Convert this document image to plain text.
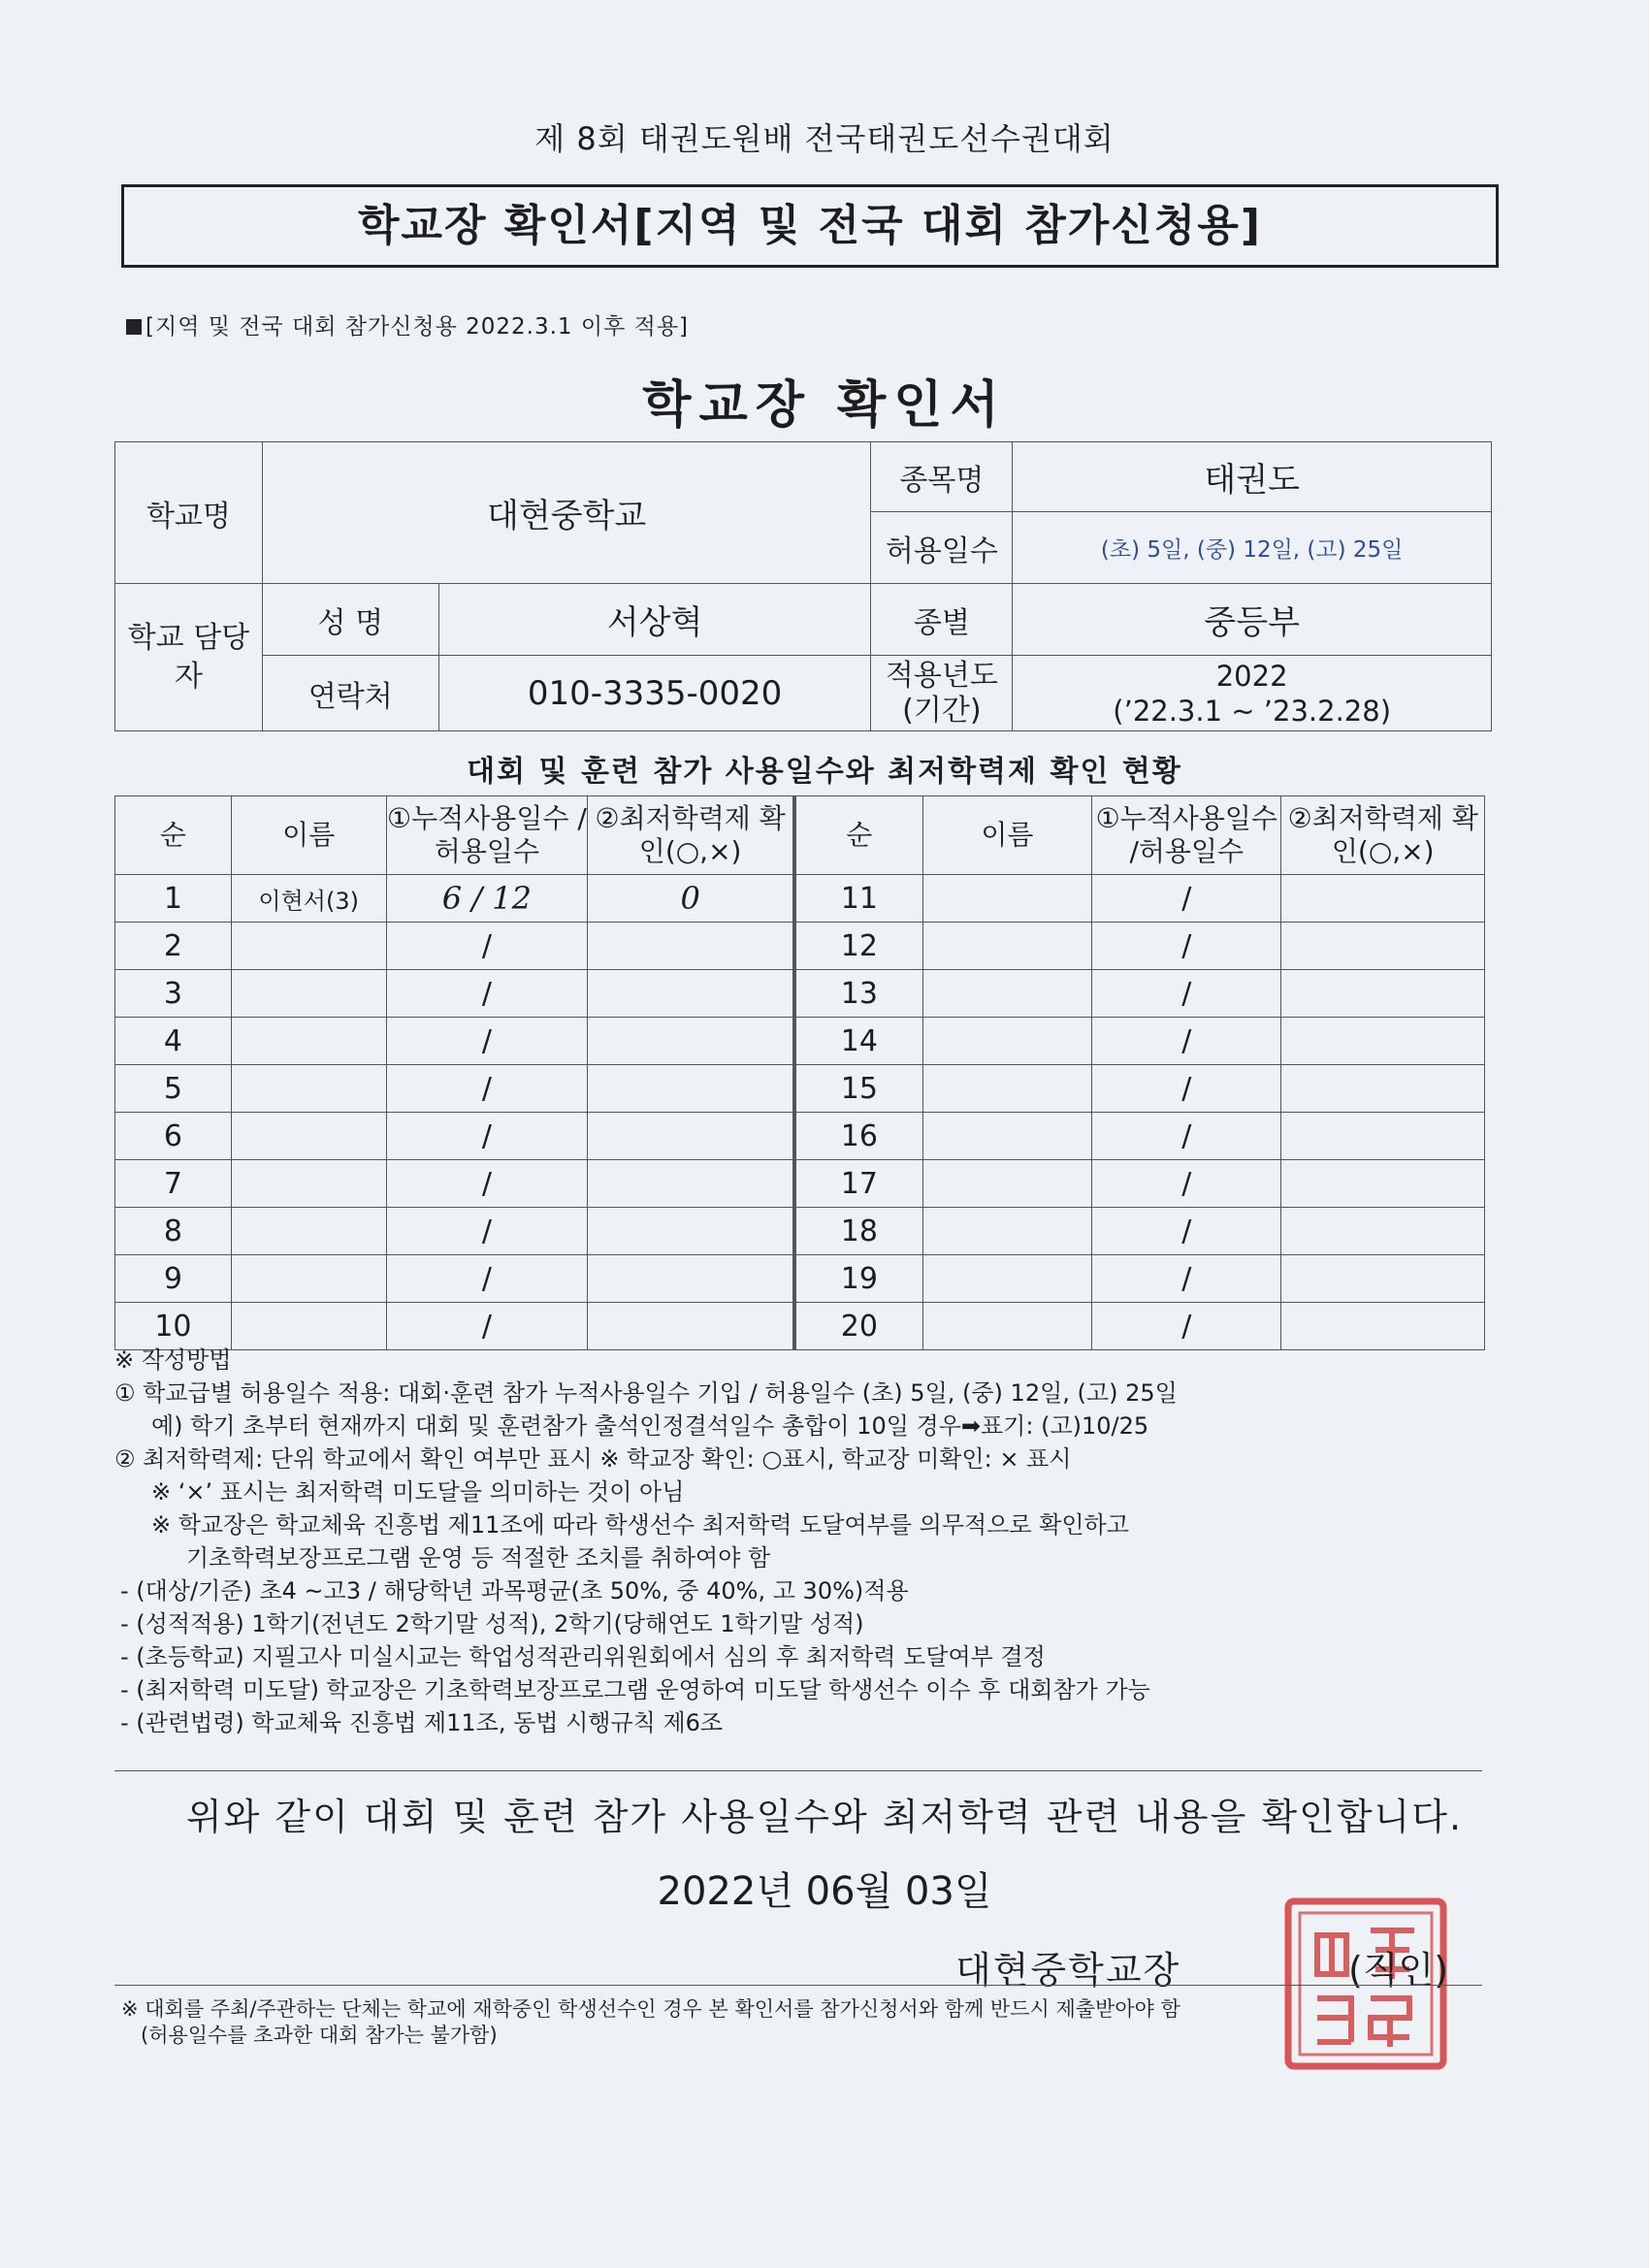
제 8회 태권도원배 전국태권도선수권대회
학교장 확인서[지역 및 전국 대회 참가신청용]
[지역 및 전국 대회 참가신청용 2022.3.1 이후 적용]
학교장 확인서
학교명	대현중학교		종목명	태권도
			허용일수	(초) 5일, (중) 12일, (고) 25일
학교 담당자	성 명	서상혁	종별	중등부
	연락처	010-3335-0020	적용년도 (기간)	2022
(’22.3.1 ~ ’23.2.28)
대회 및 훈련 참가 사용일수와 최저학력제 확인 현황
순	이름	①누적사용일수 /허용일수	②최저학력제 확인(○,×)
1	이현서(3)	6 / 12	0
2		/	
3		/	
4		/	
5		/	
6		/	
7		/	
8		/	
9		/	
10		/	
순	이름	①누적사용일수 /허용일수	②최저학력제 확인(○,×)
11		/	
12		/	
13		/	
14		/	
15		/	
16		/	
17		/	
18		/	
19		/	
20		/	
※ 작성방법
① 학교급별 허용일수 적용: 대회·훈련 참가 누적사용일수 기입 / 허용일수 (초) 5일, (중) 12일, (고) 25일
예) 학기 초부터 현재까지 대회 및 훈련참가 출석인정결석일수 총합이 10일 경우➡표기: (고)10/25
② 최저학력제: 단위 학교에서 확인 여부만 표시 ※ 학교장 확인: ○표시, 학교장 미확인: × 표시
※ ‘×’ 표시는 최저학력 미도달을 의미하는 것이 아님
※ 학교장은 학교체육 진흥법 제11조에 따라 학생선수 최저학력 도달여부를 의무적으로 확인하고
기초학력보장프로그램 운영 등 적절한 조치를 취하여야 함
- (대상/기준) 초4 ~고3 / 해당학년 과목평균(초 50%, 중 40%, 고 30%)적용
- (성적적용) 1학기(전년도 2학기말 성적), 2학기(당해연도 1학기말 성적)
- (초등학교) 지필고사 미실시교는 학업성적관리위원회에서 심의 후 최저학력 도달여부 결정
- (최저학력 미도달) 학교장은 기초학력보장프로그램 운영하여 미도달 학생선수 이수 후 대회참가 가능
- (관련법령) 학교체육 진흥법 제11조, 동법 시행규칙 제6조
위와 같이 대회 및 훈련 참가 사용일수와 최저학력 관련 내용을 확인합니다.
2022년 06월 03일
대현중학교장	(직인)
※ 대회를 주최/주관하는 단체는 학교에 재학중인 학생선수인 경우 본 확인서를 참가신청서와 함께 반드시 제출받아야 함
(허용일수를 초과한 대회 참가는 불가함)
